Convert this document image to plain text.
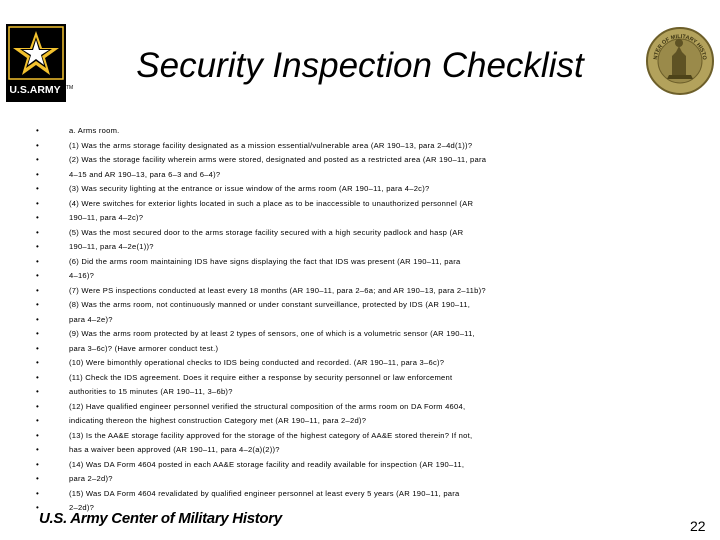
U.S.ARMY TM
Security Inspection Checklist	NTER OF MILITARY HISTO
•	a. Arms room.
•	(1) Was the arms storage facility designated as a mission essential/vulnerable area (AR 190–13, para 2–4d(1))?
•	(2) Was the storage facility wherein arms were stored, designated and posted as a restricted area (AR 190–11, para
•	4–15 and AR 190–13, para 6–3 and 6–4)?
•	(3) Was security lighting at the entrance or issue window of the arms room (AR 190–11, para 4–2c)?
•	(4) Were switches for exterior lights located in such a place as to be inaccessible to unauthorized personnel (AR
•	190–11, para 4–2c)?
•	(5) Was the most secured door to the arms storage facility secured with a high security padlock and hasp (AR
•	190–11, para 4–2e(1))?
•	(6) Did the arms room maintaining IDS have signs displaying the fact that IDS was present (AR 190–11, para
•	4–16)?
•	(7) Were PS inspections conducted at least every 18 months (AR 190–11, para 2–6a; and AR 190–13, para 2–11b)?
•	(8) Was the arms room, not continuously manned or under constant surveillance, protected by IDS (AR 190–11,
•	para 4–2e)?
•	(9) Was the arms room protected by at least 2 types of sensors, one of which is a volumetric sensor (AR 190–11,
•	para 3–6c)? (Have armorer conduct test.)
•	(10) Were bimonthly operational checks to IDS being conducted and recorded. (AR 190–11, para 3–6c)?
•	(11) Check the IDS agreement. Does it require either a response by security personnel or law enforcement
•	authorities to 15 minutes (AR 190–11, 3–6b)?
•	(12) Have qualified engineer personnel verified the structural composition of the arms room on DA Form 4604,
•	indicating thereon the highest construction Category met (AR 190–11, para 2–2d)?
•	(13) Is the AA&E storage facility approved for the storage of the highest category of AA&E stored therein? If not,
•	has a waiver been approved (AR 190–11, para 4–2(a)(2))?
•	(14) Was DA Form 4604 posted in each AA&E storage facility and readily available for inspection (AR 190–11,
•	para 2–2d)?
•	(15) Was DA Form 4604 revalidated by qualified engineer personnel at least every 5 years (AR 190–11, para
•	2–2d)?
U.S. Army Center of Military History	22
